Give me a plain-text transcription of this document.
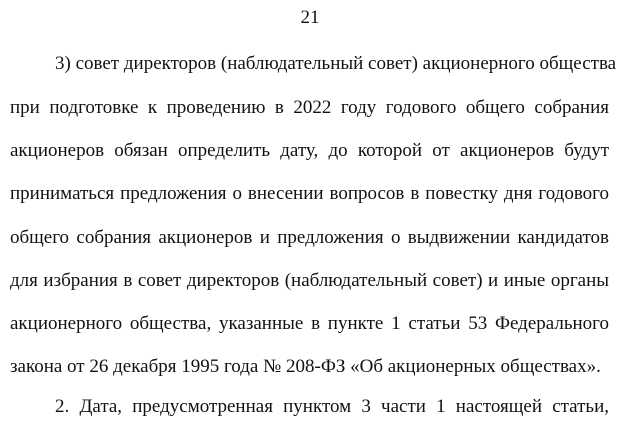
21
3) совет директоров (наблюдательный совет) акционерного общества
при подготовке к проведению в 2022 году годового общего собрания
акционеров обязан определить дату, до которой от акционеров будут
приниматься предложения о внесении вопросов в повестку дня годового
общего собрания акционеров и предложения о выдвижении кандидатов
для избрания в совет директоров (наблюдательный совет) и иные органы
акционерного общества, указанные в пункте 1 статьи 53 Федерального
закона от 26 декабря 1995 года № 208-ФЗ «Об акционерных обществах».
2. Дата, предусмотренная пунктом 3 части 1 настоящей статьи,
